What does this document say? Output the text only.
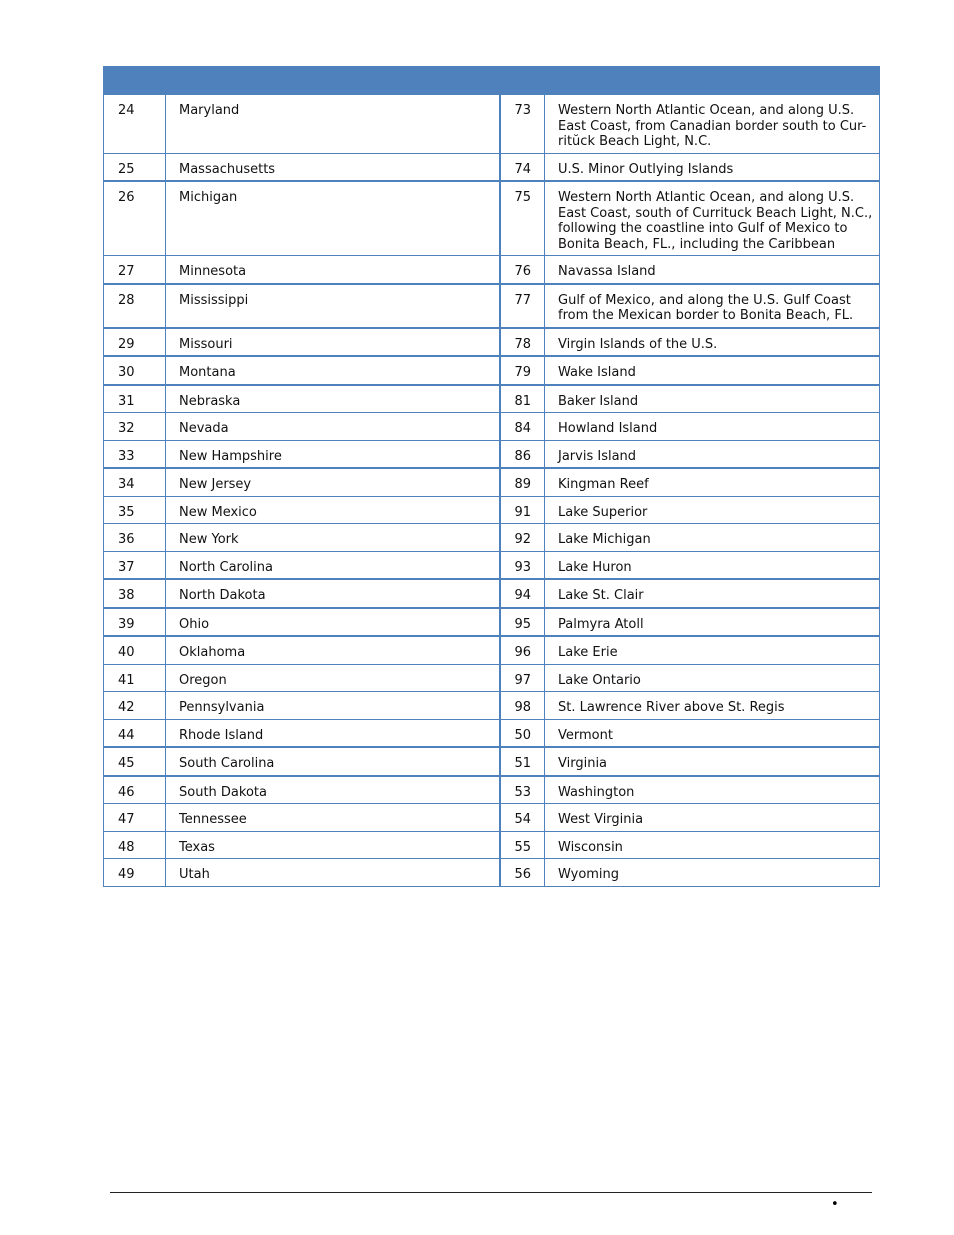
24	Maryland	73	Western North Atlantic Ocean, and along U.S. East Coast, from Canadian border south to Cur-ritŭck Beach Light, N.C.
25	Massachusetts	74	U.S. Minor Outlying Islands
26	Michigan	75	Western North Atlantic Ocean, and along U.S. East Coast, south of Currituck Beach Light, N.C., following the coastline into Gulf of Mexico to Bonita Beach, FL., including the Caribbean
27	Minnesota	76	Navassa Island
28	Mississippi	77	Gulf of Mexico, and along the U.S. Gulf Coast from the Mexican border to Bonita Beach, FL.
29	Missouri	78	Virgin Islands of the U.S.
30	Montana	79	Wake Island
31	Nebraska	81	Baker Island
32	Nevada	84	Howland Island
33	New Hampshire	86	Jarvis Island
34	New Jersey	89	Kingman Reef
35	New Mexico	91	Lake Superior
36	New York	92	Lake Michigan
37	North Carolina	93	Lake Huron
38	North Dakota	94	Lake St. Clair
39	Ohio	95	Palmyra Atoll
40	Oklahoma	96	Lake Erie
41	Oregon	97	Lake Ontario
42	Pennsylvania	98	St. Lawrence River above St. Regis
44	Rhode Island	50	Vermont
45	South Carolina	51	Virginia
46	South Dakota	53	Washington
47	Tennessee	54	West Virginia
48	Texas	55	Wisconsin
49	Utah	56	Wyoming
•
